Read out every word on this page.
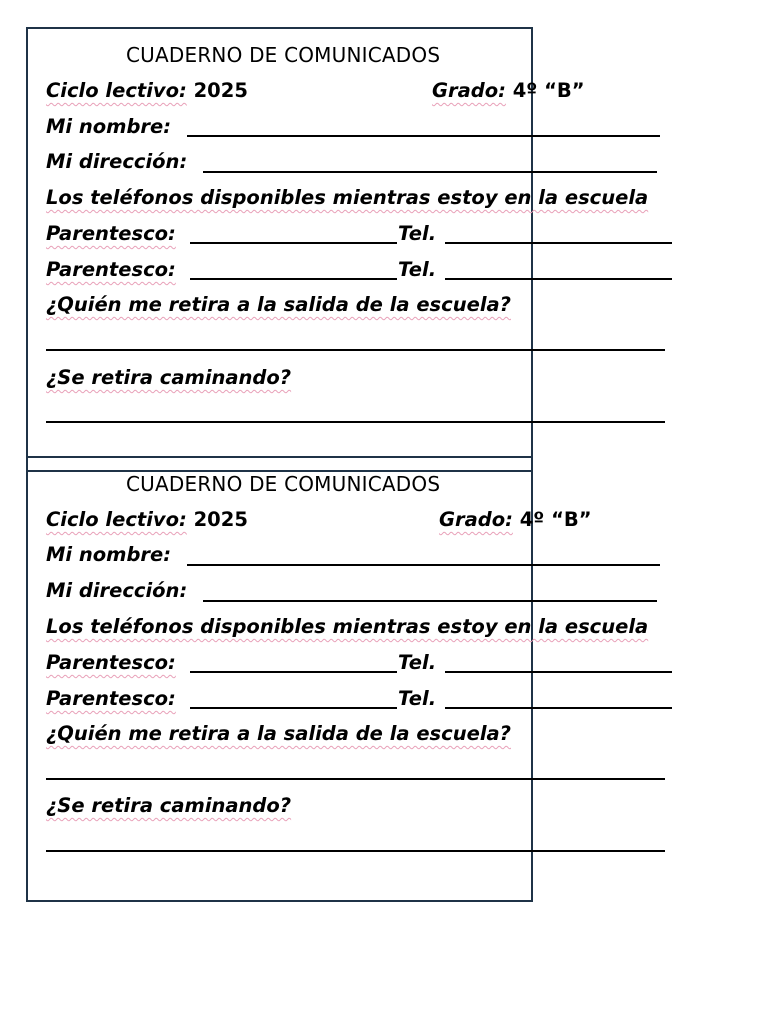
CUADERNO DE COMUNICADOS
Ciclo lectivo: 2025	Grado: 4º “B”
Mi nombre:
Mi dirección:
Los teléfonos disponibles mientras estoy en la escuela
Parentesco:	Tel.
Parentesco:	Tel.
¿Quién me retira a la salida de la escuela?
¿Se retira caminando?
CUADERNO DE COMUNICADOS
Ciclo lectivo: 2025	Grado: 4º “B”
Mi nombre:
Mi dirección:
Los teléfonos disponibles mientras estoy en la escuela
Parentesco:	Tel.
Parentesco:	Tel.
¿Quién me retira a la salida de la escuela?
¿Se retira caminando?
